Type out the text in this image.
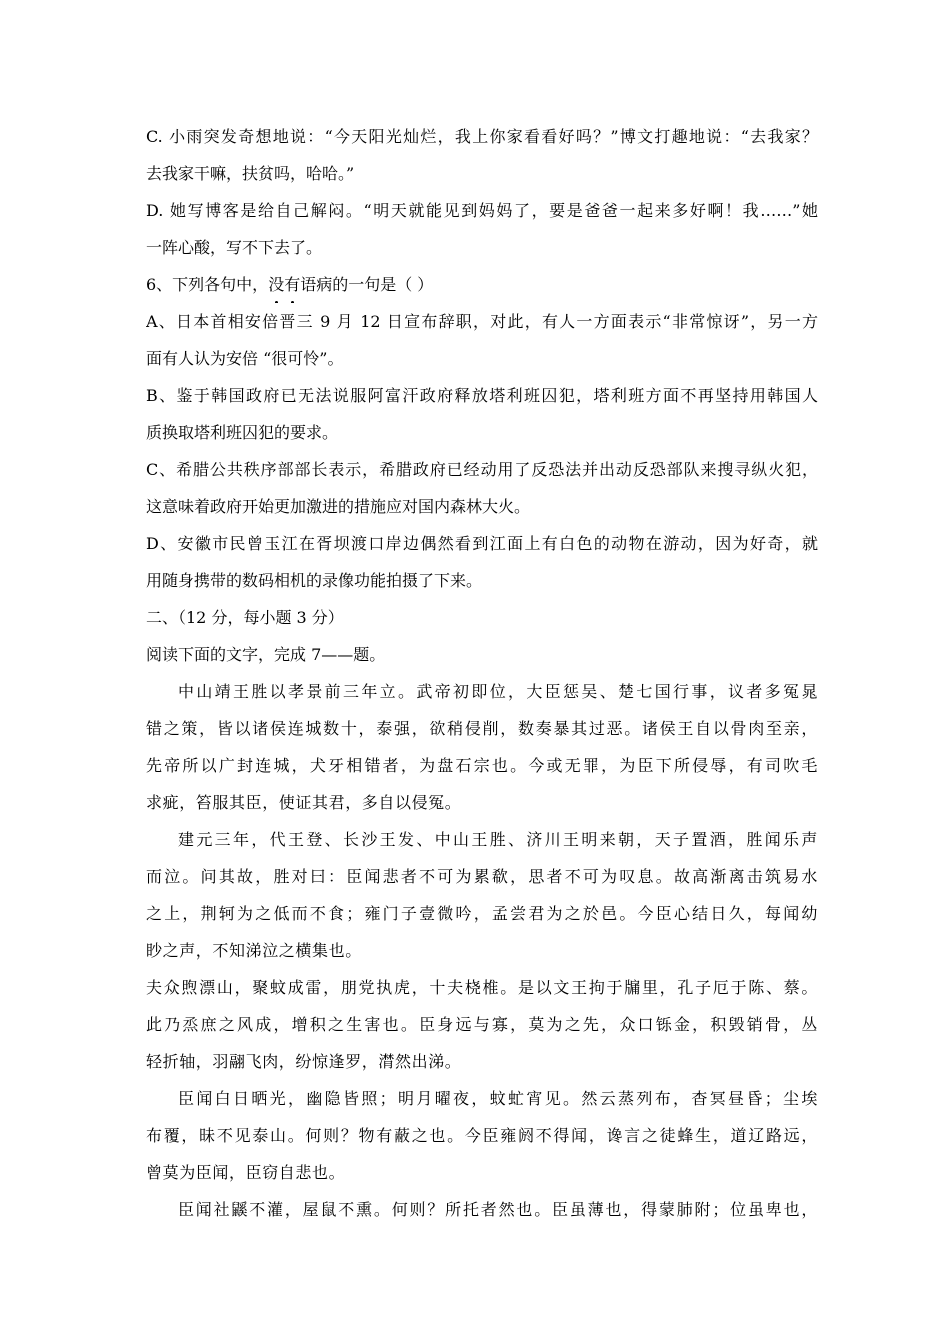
C. 小雨突发奇想地说：“今天阳光灿烂，我上你家看看好吗？”博文打趣地说：“去我家？
去我家干嘛，扶贫吗，哈哈。”
D. 她写博客是给自己解闷。“明天就能见到妈妈了，要是爸爸一起来多好啊！我……”她
一阵心酸，写不下去了。
6、下列各句中，没有语病的一句是（ ）
A、日本首相安倍晋三 9 月 12 日宣布辞职，对此，有人一方面表示“非常惊讶”，另一方
面有人认为安倍 “很可怜”。
B、鉴于韩国政府已无法说服阿富汗政府释放塔利班囚犯，塔利班方面不再坚持用韩国人
质换取塔利班囚犯的要求。
C、希腊公共秩序部部长表示，希腊政府已经动用了反恐法并出动反恐部队来搜寻纵火犯，
这意味着政府开始更加激进的措施应对国内森林大火。
D、安徽市民曾玉江在胥坝渡口岸边偶然看到江面上有白色的动物在游动，因为好奇，就
用随身携带的数码相机的录像功能拍摄了下来。
二、（12 分，每小题 3 分）
阅读下面的文字，完成 7——题。
中山靖王胜以孝景前三年立。武帝初即位，大臣惩吴、楚七国行事，议者多冤晁
错之策，皆以诸侯连城数十，泰强，欲稍侵削，数奏暴其过恶。诸侯王自以骨肉至亲，
先帝所以广封连城，犬牙相错者，为盘石宗也。今或无罪，为臣下所侵辱，有司吹毛
求疵，笞服其臣，使证其君，多自以侵冤。
建元三年，代王登、长沙王发、中山王胜、济川王明来朝，天子置酒，胜闻乐声
而泣。问其故，胜对曰：臣闻悲者不可为累欷，思者不可为叹息。故高渐离击筑易水
之上，荆轲为之低而不食；雍门子壹微吟，孟尝君为之於邑。今臣心结日久，每闻幼
眇之声，不知涕泣之横集也。
夫众煦漂山，聚蚊成雷，朋党执虎，十夫桡椎。是以文王拘于牖里，孔子厄于陈、蔡。
此乃烝庶之风成，增积之生害也。臣身远与寡，莫为之先，众口铄金，积毁销骨，丛
轻折轴，羽翮飞肉，纷惊逢罗，潸然出涕。
臣闻白日晒光，幽隐皆照；明月曜夜，蚊虻宵见。然云蒸列布，杳冥昼昏；尘埃
布覆，昧不见泰山。何则？物有蔽之也。今臣雍阏不得闻，谗言之徒蜂生，道辽路远，
曾莫为臣闻，臣窃自悲也。
臣闻社鼷不灌，屋鼠不熏。何则？所托者然也。臣虽薄也，得蒙肺附；位虽卑也，
